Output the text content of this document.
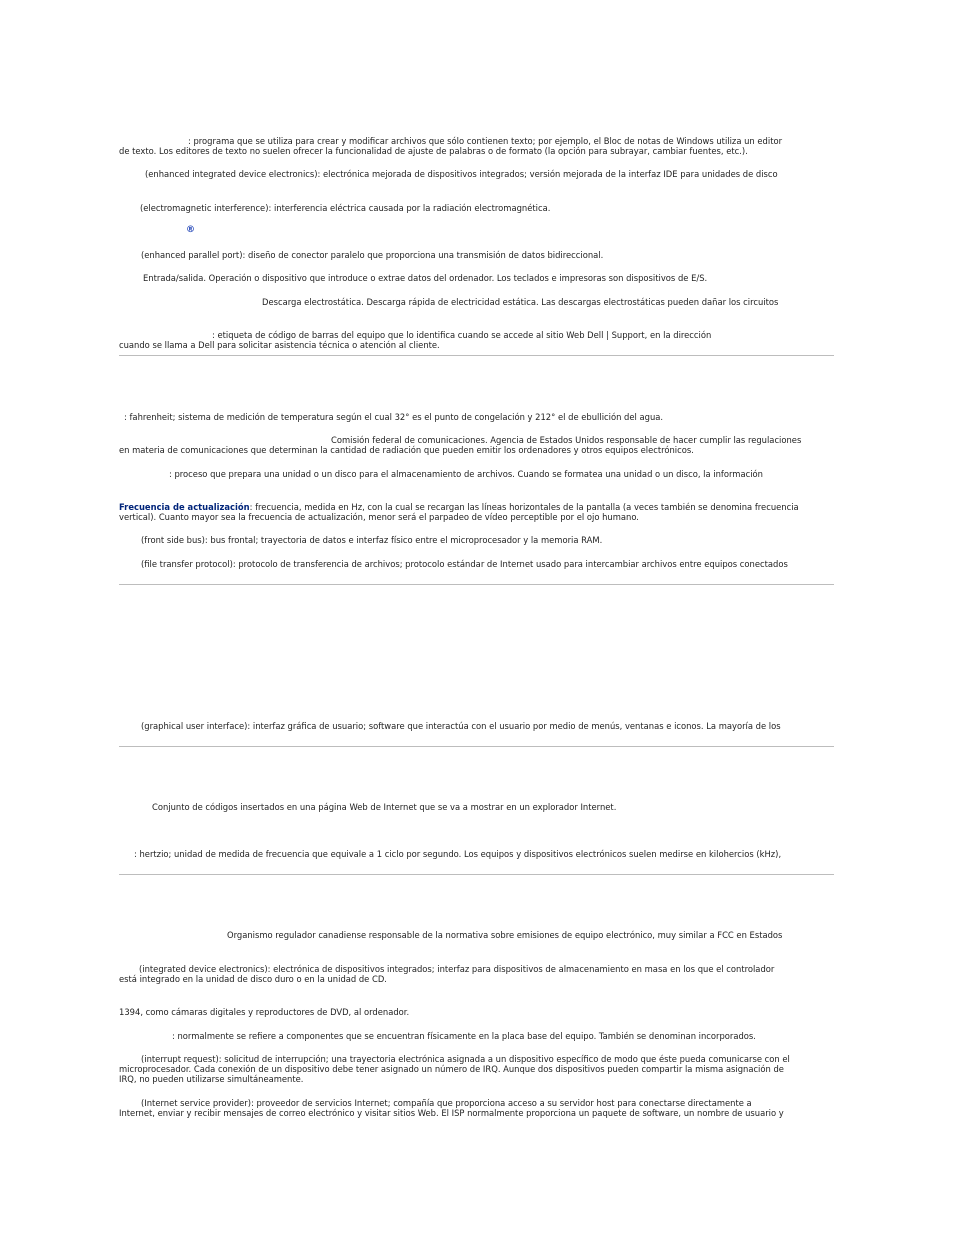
: programa que se utiliza para crear y modificar archivos que sólo contienen texto; por ejemplo, el Bloc de notas de Windows utiliza un editor
de texto. Los editores de texto no suelen ofrecer la funcionalidad de ajuste de palabras o de formato (la opción para subrayar, cambiar fuentes, etc.).
(enhanced integrated device electronics): electrónica mejorada de dispositivos integrados; versión mejorada de la interfaz IDE para unidades de disco
(electromagnetic interference): interferencia eléctrica causada por la radiación electromagnética.
®
(enhanced parallel port): diseño de conector paralelo que proporciona una transmisión de datos bidireccional.
Entrada/salida. Operación o dispositivo que introduce o extrae datos del ordenador. Los teclados e impresoras son dispositivos de E/S.
Descarga electrostática. Descarga rápida de electricidad estática. Las descargas electrostáticas pueden dañar los circuitos
: etiqueta de código de barras del equipo que lo identifica cuando se accede al sitio Web Dell | Support, en la dirección
cuando se llama a Dell para solicitar asistencia técnica o atención al cliente.
: fahrenheit; sistema de medición de temperatura según el cual 32° es el punto de congelación y 212° el de ebullición del agua.
Comisión federal de comunicaciones. Agencia de Estados Unidos responsable de hacer cumplir las regulaciones
en materia de comunicaciones que determinan la cantidad de radiación que pueden emitir los ordenadores y otros equipos electrónicos.
: proceso que prepara una unidad o un disco para el almacenamiento de archivos. Cuando se formatea una unidad o un disco, la información
Frecuencia de actualización: frecuencia, medida en Hz, con la cual se recargan las líneas horizontales de la pantalla (a veces también se denomina frecuencia
vertical). Cuanto mayor sea la frecuencia de actualización, menor será el parpadeo de vídeo perceptible por el ojo humano.
(front side bus): bus frontal; trayectoria de datos e interfaz físico entre el microprocesador y la memoria RAM.
(file transfer protocol): protocolo de transferencia de archivos; protocolo estándar de Internet usado para intercambiar archivos entre equipos conectados
(graphical user interface): interfaz gráfica de usuario; software que interactúa con el usuario por medio de menús, ventanas e iconos. La mayoría de los
Conjunto de códigos insertados en una página Web de Internet que se va a mostrar en un explorador Internet.
: hertzio; unidad de medida de frecuencia que equivale a 1 ciclo por segundo. Los equipos y dispositivos electrónicos suelen medirse en kilohercios (kHz),
Organismo regulador canadiense responsable de la normativa sobre emisiones de equipo electrónico, muy similar a FCC en Estados
(integrated device electronics): electrónica de dispositivos integrados; interfaz para dispositivos de almacenamiento en masa en los que el controlador
está integrado en la unidad de disco duro o en la unidad de CD.
1394, como cámaras digitales y reproductores de DVD, al ordenador.
: normalmente se refiere a componentes que se encuentran físicamente en la placa base del equipo. También se denominan incorporados.
(interrupt request): solicitud de interrupción; una trayectoria electrónica asignada a un dispositivo específico de modo que éste pueda comunicarse con el
microprocesador. Cada conexión de un dispositivo debe tener asignado un número de IRQ. Aunque dos dispositivos pueden compartir la misma asignación de
IRQ, no pueden utilizarse simultáneamente.
(Internet service provider): proveedor de servicios Internet; compañía que proporciona acceso a su servidor host para conectarse directamente a
Internet, enviar y recibir mensajes de correo electrónico y visitar sitios Web. El ISP normalmente proporciona un paquete de software, un nombre de usuario y
